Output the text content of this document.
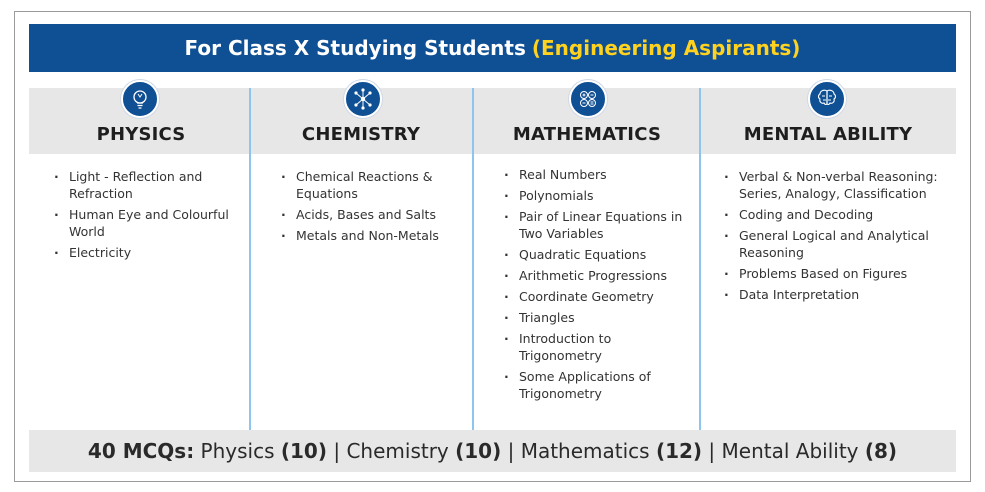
For Class X Studying Students (Engineering Aspirants)
PHYSICS
· Light - Reflection and Refraction
· Human Eye and Colourful World
· Electricity
CHEMISTRY
· Chemical Reactions & Equations
· Acids, Bases and Salts
· Metals and Non-Metals
MATHEMATICS
· Real Numbers
· Polynomials
· Pair of Linear Equations in Two Variables
· Quadratic Equations
· Arithmetic Progressions
· Coordinate Geometry
· Triangles
· Introduction to Trigonometry
· Some Applications of Trigonometry
MENTAL ABILITY
· Verbal & Non-verbal Reasoning: Series, Analogy, Classification
· Coding and Decoding
· General Logical and Analytical Reasoning
· Problems Based on Figures
· Data Interpretation
40 MCQs: Physics (10) | Chemistry (10) | Mathematics (12) | Mental Ability (8)
